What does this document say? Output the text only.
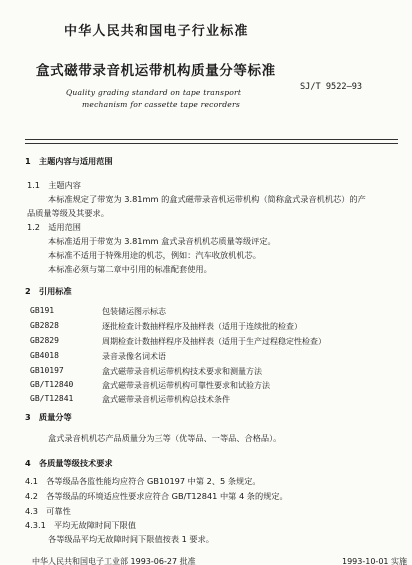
中华人民共和国电子行业标准
盒式磁带录音机运带机构质量分等标准
SJ/T 9522—93
Quality grading standard on tape transport
mechanism for cassette tape recorders
1　主题内容与适用范围
1.1　主题内容
本标准规定了带宽为 3.81mm 的盒式磁带录音机运带机构（简称盒式录音机机芯）的产
品质量等级及其要求。
1.2　适用范围
本标准适用于带宽为 3.81mm 盒式录音机机芯质量等级评定。
本标准不适用于特殊用途的机芯，例如：汽车收放机机芯。
本标准必须与第二章中引用的标准配套使用。
2　引用标准
GB191	包装储运图示标志
GB2828	逐批检查计数抽样程序及抽样表（适用于连续批的检查）
GB2829	周期检查计数抽样程序及抽样表（适用于生产过程稳定性检查）
GB4018	录音录像名词术语
GB10197	盒式磁带录音机运带机构技术要求和测量方法
GB/T12840	盒式磁带录音机运带机构可靠性要求和试验方法
GB/T12841	盒式磁带录音机运带机构总技术条件
3　质量分等
盒式录音机机芯产品质量分为三等（优等品、一等品、合格品）。
4　各质量等级技术要求
4.1　各等级品各监性能均应符合 GB10197 中第 2、5 条规定。
4.2　各等级品的环境适应性要求应符合 GB/T12841 中第 4 条的规定。
4.3　可靠性
4.3.1　平均无故障时间下限值
各等级品平均无故障时间下限值按表 1 要求。
中华人民共和国电子工业部 1993-06-27 批准	1993-10-01 实施
